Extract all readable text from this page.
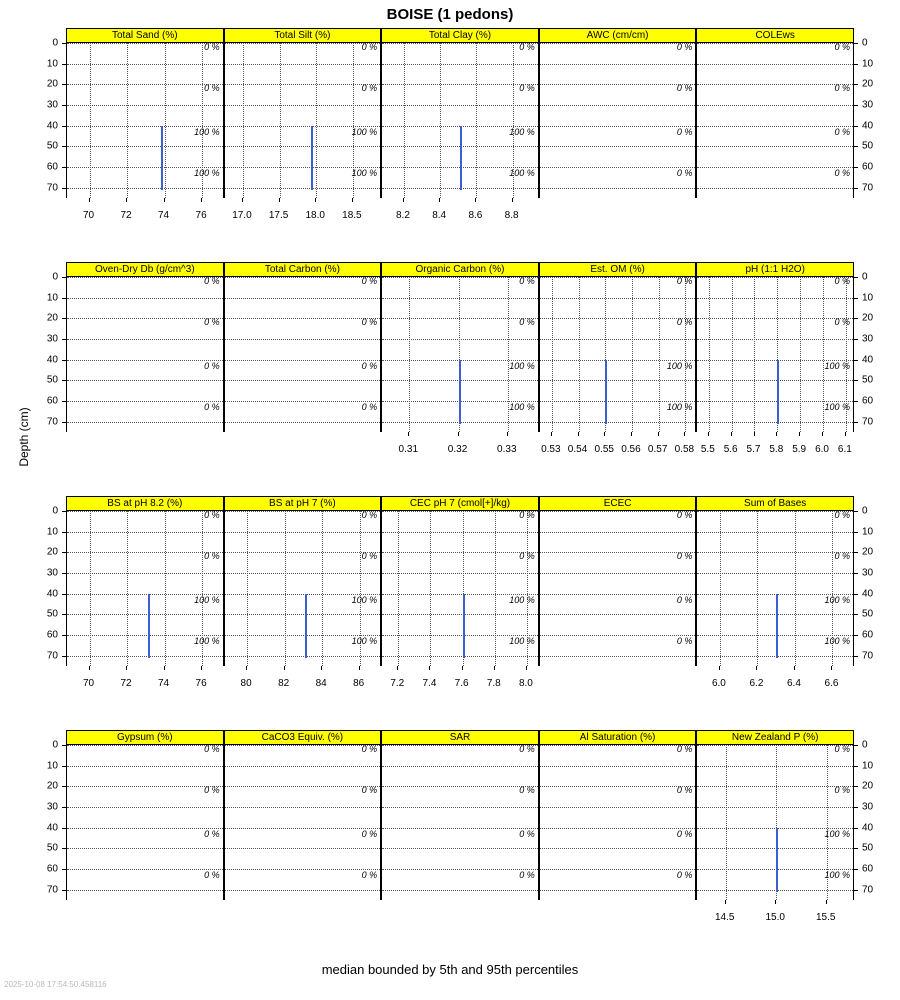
BOISE (1 pedons)
Depth (cm)
Total Sand (%)
0 %
0 %
100 %
100 %
70	72	74	76
Total Silt (%)
0 %
0 %
100 %
100 %
17.0 17.5 18.0 18.5
Total Clay (%)
0 %
0 %
100 %
100 %
8.2 8.4 8.6 8.8
AWC (cm/cm)
0 %
0 %
0 %
0 %
COLEws
0 %
0 %
0 %
0 %
0	0
10	10
20	20
30	30
40	40
50	50
60	60
70	70
Oven-Dry Db (g/cm^3)
0 %
0 %
0 %
0 %
Total Carbon (%)
0 %
0 %
0 %
0 %
Organic Carbon (%)
0 %
0 %
100 %
100 %
0.31	0.32	0.33
Est. OM (%)
0 %
0 %
100 %
100 %
0.53 0.54 0.55 0.56 0.57 0.58
pH (1:1 H2O)
0 %
0 %
100 %
100 %
5.5 5.6 5.7 5.8 5.9 6.0 6.1
0	0
10	10
20	20
30	30
40	40
50	50
60	60
70	70
BS at pH 8.2 (%)
0 %
0 %
100 %
100 %
70	72	74	76
BS at pH 7 (%)
0 %
0 %
100 %
100 %
80	82	84	86
CEC pH 7 (cmol[+]/kg)
0 %
0 %
100 %
100 %
7.2 7.4 7.6 7.8 8.0
ECEC
0 %
0 %
0 %
0 %
Sum of Bases
0 %
0 %
100 %
100 %
6.0 6.2 6.4 6.6
0	0
10	10
20	20
30	30
40	40
50	50
60	60
70	70
Gypsum (%)
0 %
0 %
0 %
0 %
CaCO3 Equiv. (%)
0 %
0 %
0 %
0 %
SAR
0 %
0 %
0 %
0 %
Al Saturation (%)
0 %
0 %
0 %
0 %
New Zealand P (%)
0 %
0 %
100 %
100 %
14.5	15.0	15.5
0	0
10	10
20	20
30	30
40	40
50	50
60	60
70	70
median bounded by 5th and 95th percentiles
2025-10-08 17:54:50.458116
